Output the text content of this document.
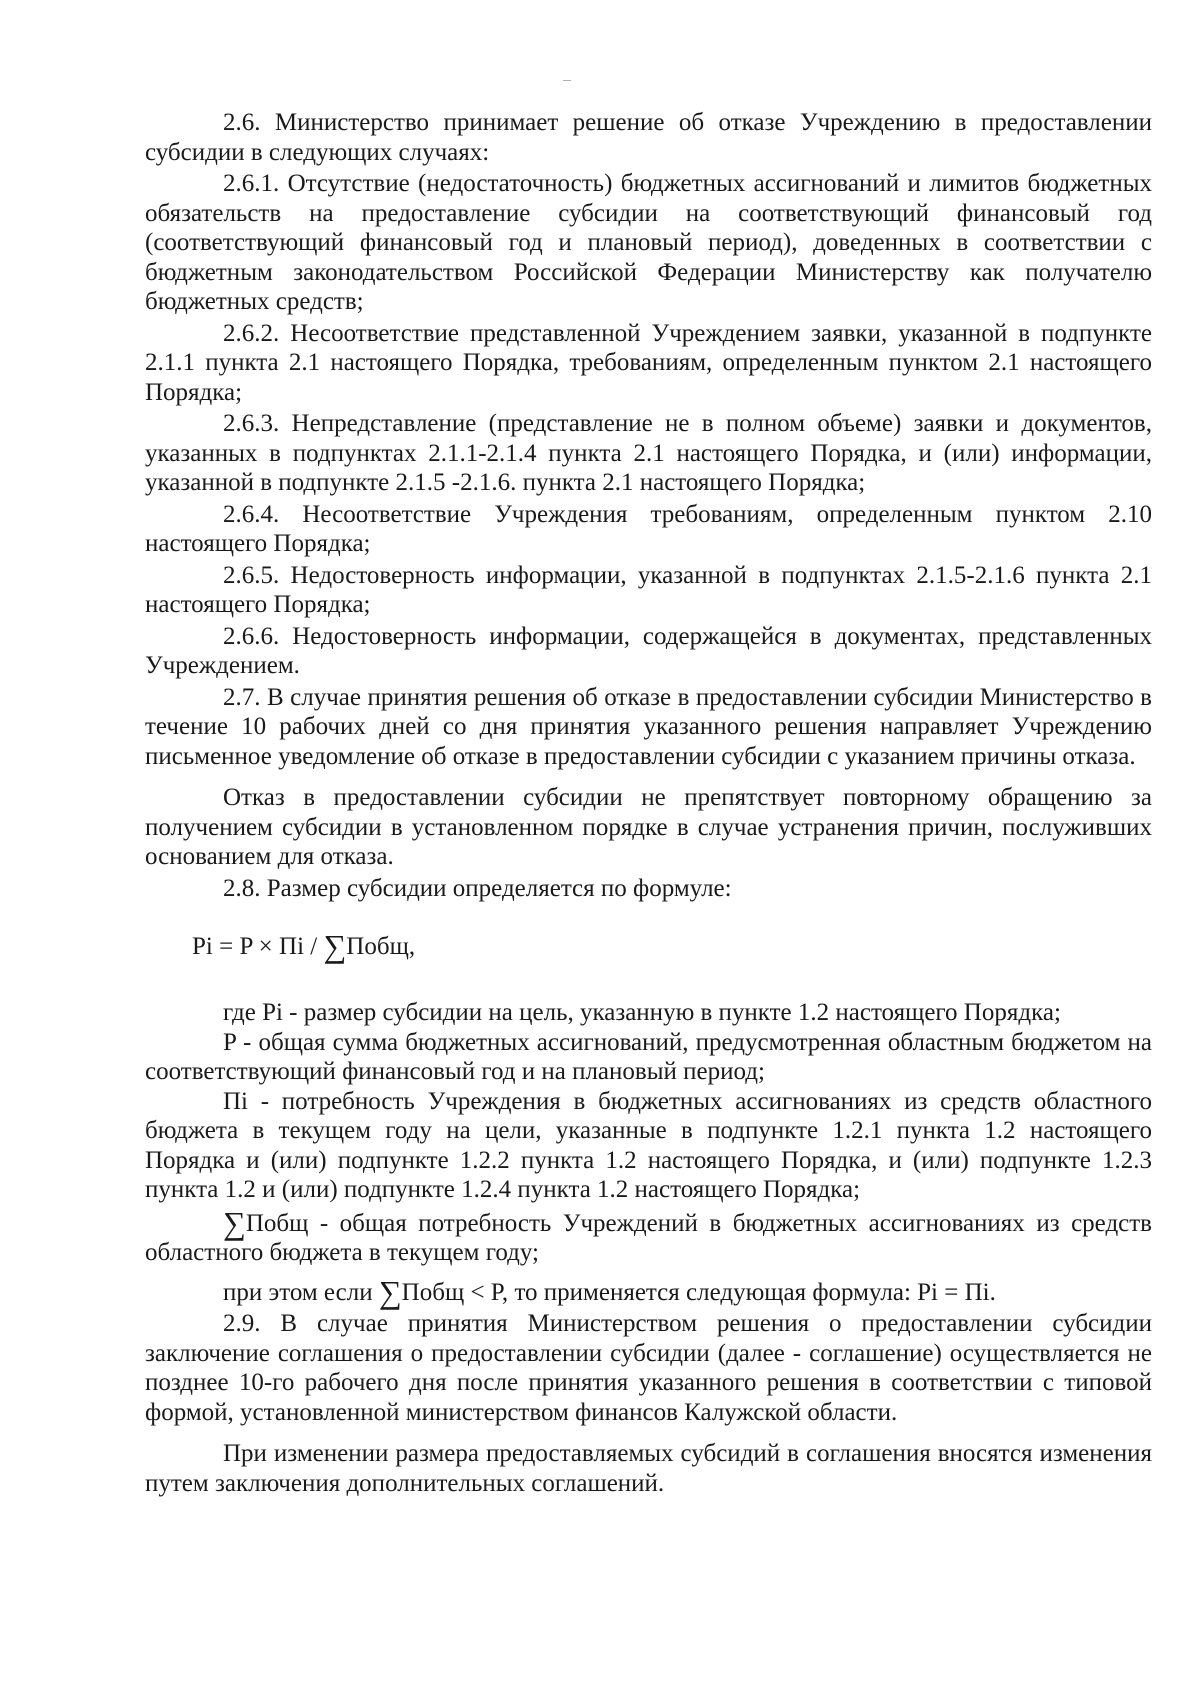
2.6. Министерство принимает решение об отказе Учреждению в предоставлении субсидии в следующих случаях:

2.6.1. Отсутствие (недостаточность) бюджетных ассигнований и лимитов бюджетных обязательств на предоставление субсидии на соответствующий финансовый год (соответствующий финансовый год и плановый период), доведенных в соответствии с бюджетным законодательством Российской Федерации Министерству как получателю бюджетных средств;

2.6.2. Несоответствие представленной Учреждением заявки, указанной в подпункте 2.1.1 пункта 2.1 настоящего Порядка, требованиям, определенным пунктом 2.1 настоящего Порядка;

2.6.3. Непредставление (представление не в полном объеме) заявки и документов, указанных в подпунктах 2.1.1-2.1.4 пункта 2.1 настоящего Порядка, и (или) информации, указанной в подпункте 2.1.5 -2.1.6. пункта 2.1 настоящего Порядка;

2.6.4. Несоответствие Учреждения требованиям, определенным пунктом 2.10 настоящего Порядка;

2.6.5. Недостоверность информации, указанной в подпунктах 2.1.5-2.1.6 пункта 2.1 настоящего Порядка;

2.6.6. Недостоверность информации, содержащейся в документах, представленных Учреждением.

2.7. В случае принятия решения об отказе в предоставлении субсидии Министерство в течение 10 рабочих дней со дня принятия указанного решения направляет Учреждению письменное уведомление об отказе в предоставлении субсидии с указанием причины отказа.

Отказ в предоставлении субсидии не препятствует повторному обращению за получением субсидии в установленном порядке в случае устранения причин, послуживших основанием для отказа.

2.8. Размер субсидии определяется по формуле:

Pi = P × Пi / ∑Побщ,

где Pi - размер субсидии на цель, указанную в пункте 1.2 настоящего Порядка;

P - общая сумма бюджетных ассигнований, предусмотренная областным бюджетом на соответствующий финансовый год и на плановый период;

Пi - потребность Учреждения в бюджетных ассигнованиях из средств областного бюджета в текущем году на цели, указанные в подпункте 1.2.1 пункта 1.2 настоящего Порядка и (или) подпункте 1.2.2 пункта 1.2 настоящего Порядка, и (или) подпункте 1.2.3 пункта 1.2 и (или) подпункте 1.2.4 пункта 1.2 настоящего Порядка;

∑Побщ - общая потребность Учреждений в бюджетных ассигнованиях из средств областного бюджета в текущем году;

при этом если ∑Побщ < P, то применяется следующая формула: Pi = Пi.

2.9. В случае принятия Министерством решения о предоставлении субсидии заключение соглашения о предоставлении субсидии (далее - соглашение) осуществляется не позднее 10-го рабочего дня после принятия указанного решения в соответствии с типовой формой, установленной министерством финансов Калужской области.

При изменении размера предоставляемых субсидий в соглашения вносятся изменения путем заключения дополнительных соглашений.
